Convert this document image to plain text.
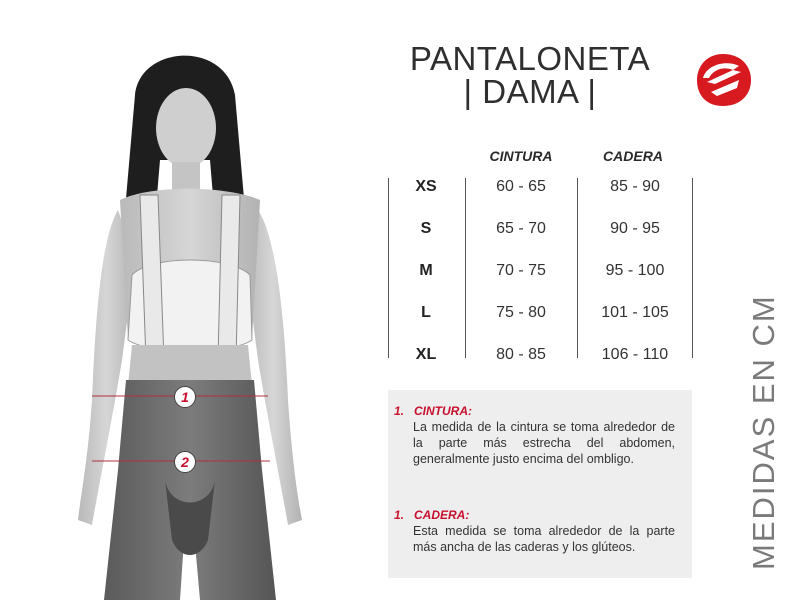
1
2
PANTALONETA
| DAMA |
CINTURA	CADERA
XS	60 - 65	85 - 90
S	65 - 70	90 - 95
M	70 - 75	95 - 100
L	75 - 80	101 - 105
XL	80 - 85	106 - 110
1. CINTURA:
La medida de la cintura se toma alrededor de la parte más estrecha del abdomen, generalmente justo encima del ombligo.
1. CADERA:
Esta medida se toma alrededor de la parte más ancha de las caderas y los glúteos.	MEDIDAS EN CM
